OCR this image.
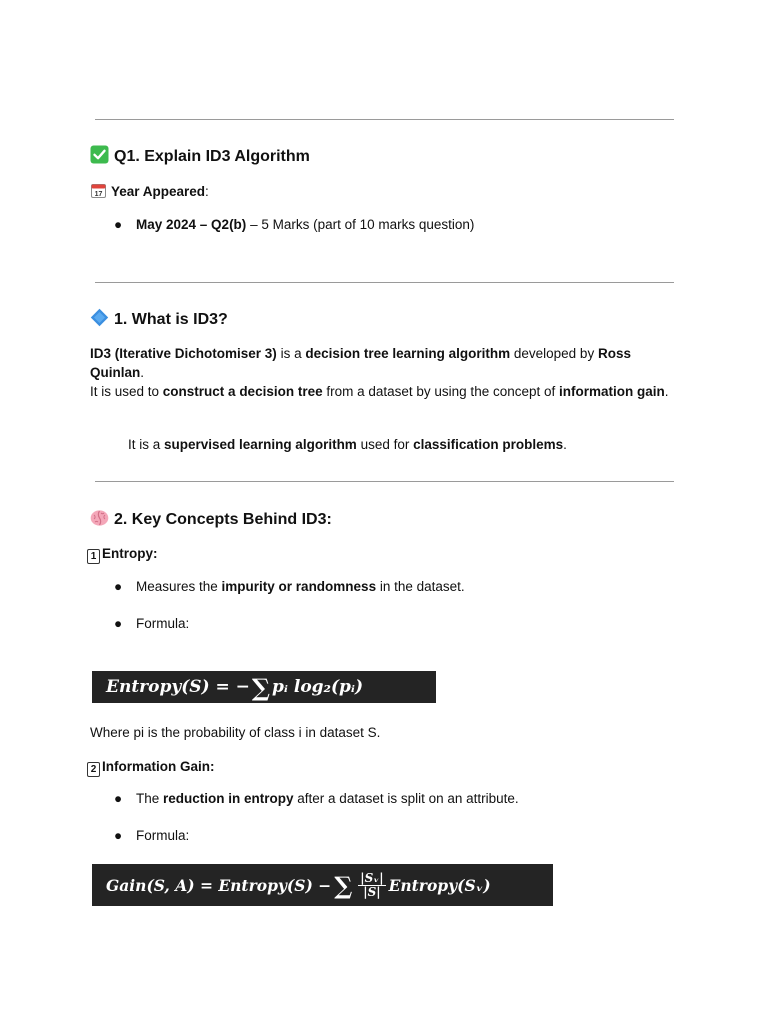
Q1. Explain ID3 Algorithm
17 Year Appeared:
● May 2024 – Q2(b) – 5 Marks (part of 10 marks question)
1. What is ID3?
ID3 (Iterative Dichotomiser 3) is a decision tree learning algorithm developed by Ross Quinlan.
It is used to construct a decision tree from a dataset by using the concept of information gain.
It is a supervised learning algorithm used for classification problems.
2. Key Concepts Behind ID3:
1 Entropy:
● Measures the impurity or randomness in the dataset.
● Formula:
Entropy(S) = − ∑ pᵢ log₂(pᵢ)
Where pi is the probability of class i in dataset S.
2 Information Gain:
● The reduction in entropy after a dataset is split on an attribute.
● Formula:
Gain(S, A) = Entropy(S) − ∑ $\frac{\text{|Sᵥ|}}{|S|}$ Entropy(Sᵥ)
